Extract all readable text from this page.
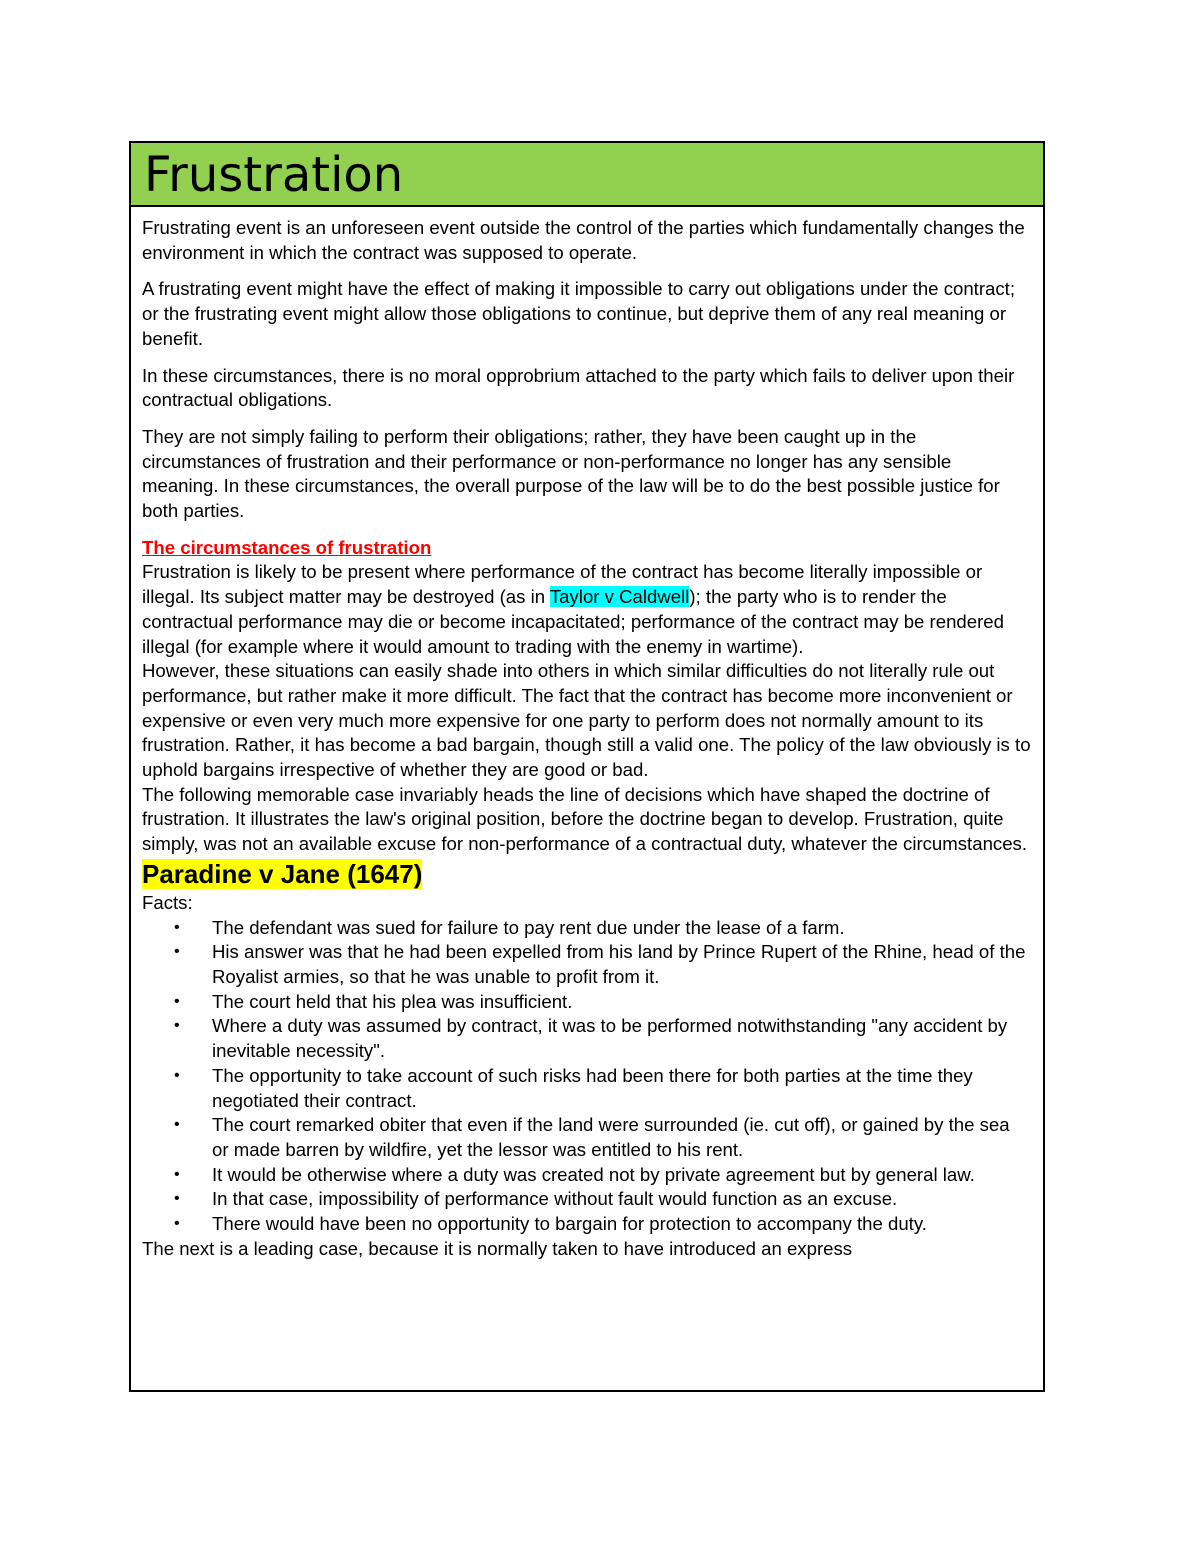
Frustration

Frustrating event is an unforeseen event outside the control of the parties which fundamentally changes the environment in which the contract was supposed to operate.

A frustrating event might have the effect of making it impossible to carry out obligations under the contract; or the frustrating event might allow those obligations to continue, but deprive them of any real meaning or benefit.

In these circumstances, there is no moral opprobrium attached to the party which fails to deliver upon their contractual obligations.

They are not simply failing to perform their obligations; rather, they have been caught up in the circumstances of frustration and their performance or non-performance no longer has any sensible meaning. In these circumstances, the overall purpose of the law will be to do the best possible justice for both parties.

The circumstances of frustration

Frustration is likely to be present where performance of the contract has become literally impossible or illegal. Its subject matter may be destroyed (as in Taylor v Caldwell); the party who is to render the contractual performance may die or become incapacitated; performance of the contract may be rendered illegal (for example where it would amount to trading with the enemy in wartime).

However, these situations can easily shade into others in which similar difficulties do not literally rule out performance, but rather make it more difficult. The fact that the contract has become more inconvenient or expensive or even very much more expensive for one party to perform does not normally amount to its frustration. Rather, it has become a bad bargain, though still a valid one. The policy of the law obviously is to uphold bargains irrespective of whether they are good or bad.

The following memorable case invariably heads the line of decisions which have shaped the doctrine of frustration. It illustrates the law's original position, before the doctrine began to develop. Frustration, quite simply, was not an available excuse for non-performance of a contractual duty, whatever the circumstances.

Paradine v Jane (1647)
Facts:
• The defendant was sued for failure to pay rent due under the lease of a farm.
• His answer was that he had been expelled from his land by Prince Rupert of the Rhine, head of the Royalist armies, so that he was unable to profit from it.
• The court held that his plea was insufficient.
• Where a duty was assumed by contract, it was to be performed notwithstanding "any accident by inevitable necessity".
• The opportunity to take account of such risks had been there for both parties at the time they negotiated their contract.
• The court remarked obiter that even if the land were surrounded (ie. cut off), or gained by the sea or made barren by wildfire, yet the lessor was entitled to his rent.
• It would be otherwise where a duty was created not by private agreement but by general law.
• In that case, impossibility of performance without fault would function as an excuse.
• There would have been no opportunity to bargain for protection to accompany the duty.

The next is a leading case, because it is normally taken to have introduced an express
